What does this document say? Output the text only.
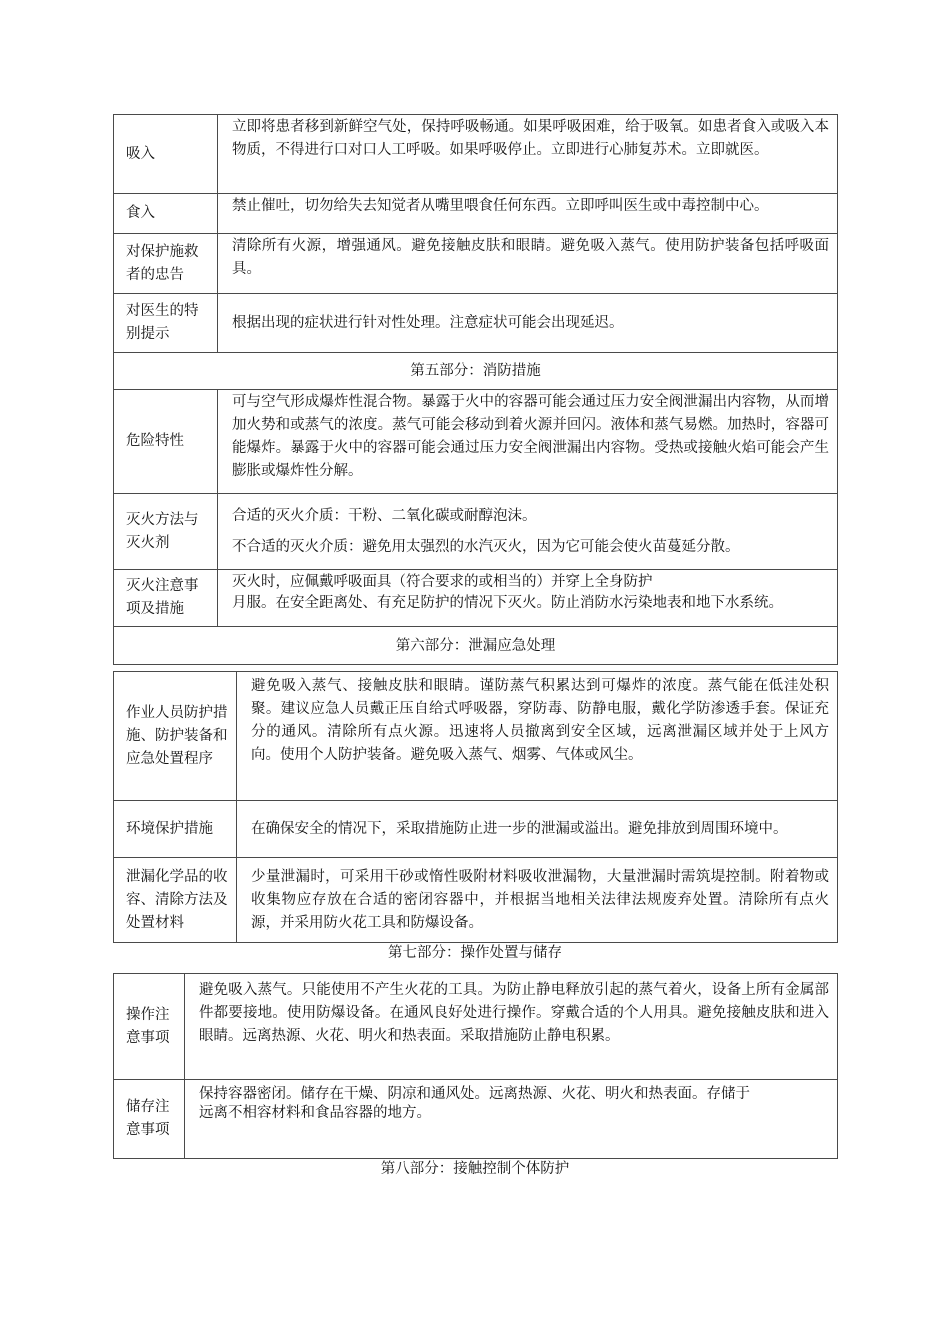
吸入	立即将患者移到新鲜空气处，保持呼吸畅通。如果呼吸困难，给于吸氧。如患者食入或吸入本物质，不得进行口对口人工呼吸。如果呼吸停止。立即进行心肺复苏术。立即就医。
食入	禁止催吐，切勿给失去知觉者从嘴里喂食任何东西。立即呼叫医生或中毒控制中心。

对保护施救者的忠告	清除所有火源，增强通风。避免接触皮肤和眼睛。避免吸入蒸气。使用防护装备包括呼吸面具。
对医生的特别提示	根据出现的症状进行针对性处理。注意症状可能会出现延迟。
第五部分：消防措施	
危险特性	可与空气形成爆炸性混合物。暴露于火中的容器可能会通过压力安全阀泄漏出内容物，从而增加火势和或蒸气的浓度。蒸气可能会移动到着火源并回闪。液体和蒸气易燃。加热时，容器可能爆炸。暴露于火中的容器可能会通过压力安全阀泄漏出内容物。受热或接触火焰可能会产生膨胀或爆炸性分解。
灭火方法与灭火剂	合适的灭火介质：干粉、二氧化碳或耐醇泡沫。

不合适的灭火介质：避免用太强烈的水汽灭火，因为它可能会使火苗蔓延分散。

灭火注意事项及措施	灭火时，应佩戴呼吸面具（符合要求的或相当的）并穿上全身防护
月服。在安全距离处、有充足防护的情况下灭火。防止消防水污染地表和地下水系统。

第六部分：泄漏应急处理	
作业人员防护措施、防护装备和应急处置程序	避免吸入蒸气、接触皮肤和眼睛。谨防蒸气积累达到可爆炸的浓度。蒸气能在低洼处积聚。建议应急人员戴正压自给式呼吸器，穿防毒、防静电服，戴化学防渗透手套。保证充分的通风。清除所有点火源。迅速将人员撤离到安全区域，远离泄漏区域并处于上风方向。使用个人防护装备。避免吸入蒸气、烟雾、气体或风尘。
环境保护措施	在确保安全的情况下，采取措施防止进一步的泄漏或溢出。避免排放到周围环境中。
泄漏化学品的收容、清除方法及处置材料	少量泄漏时，可采用干砂或惰性吸附材料吸收泄漏物，大量泄漏时需筑堤控制。附着物或收集物应存放在合适的密闭容器中，并根据当地相关法律法规废弃处置。清除所有点火源，并采用防火花工具和防爆设备。
第七部分：操作处置与储存
操作注意事项	避免吸入蒸气。只能使用不产生火花的工具。为防止静电释放引起的蒸气着火，设备上所有金属部件都要接地。使用防爆设备。在通风良好处进行操作。穿戴合适的个人用具。避免接触皮肤和进入眼睛。远离热源、火花、明火和热表面。采取措施防止静电积累。
储存注意事项	保持容器密闭。储存在干燥、阴凉和通风处。远离热源、火花、明火和热表面。存储于
远离不相容材料和食品容器的地方。
第八部分：接触控制个体防护
